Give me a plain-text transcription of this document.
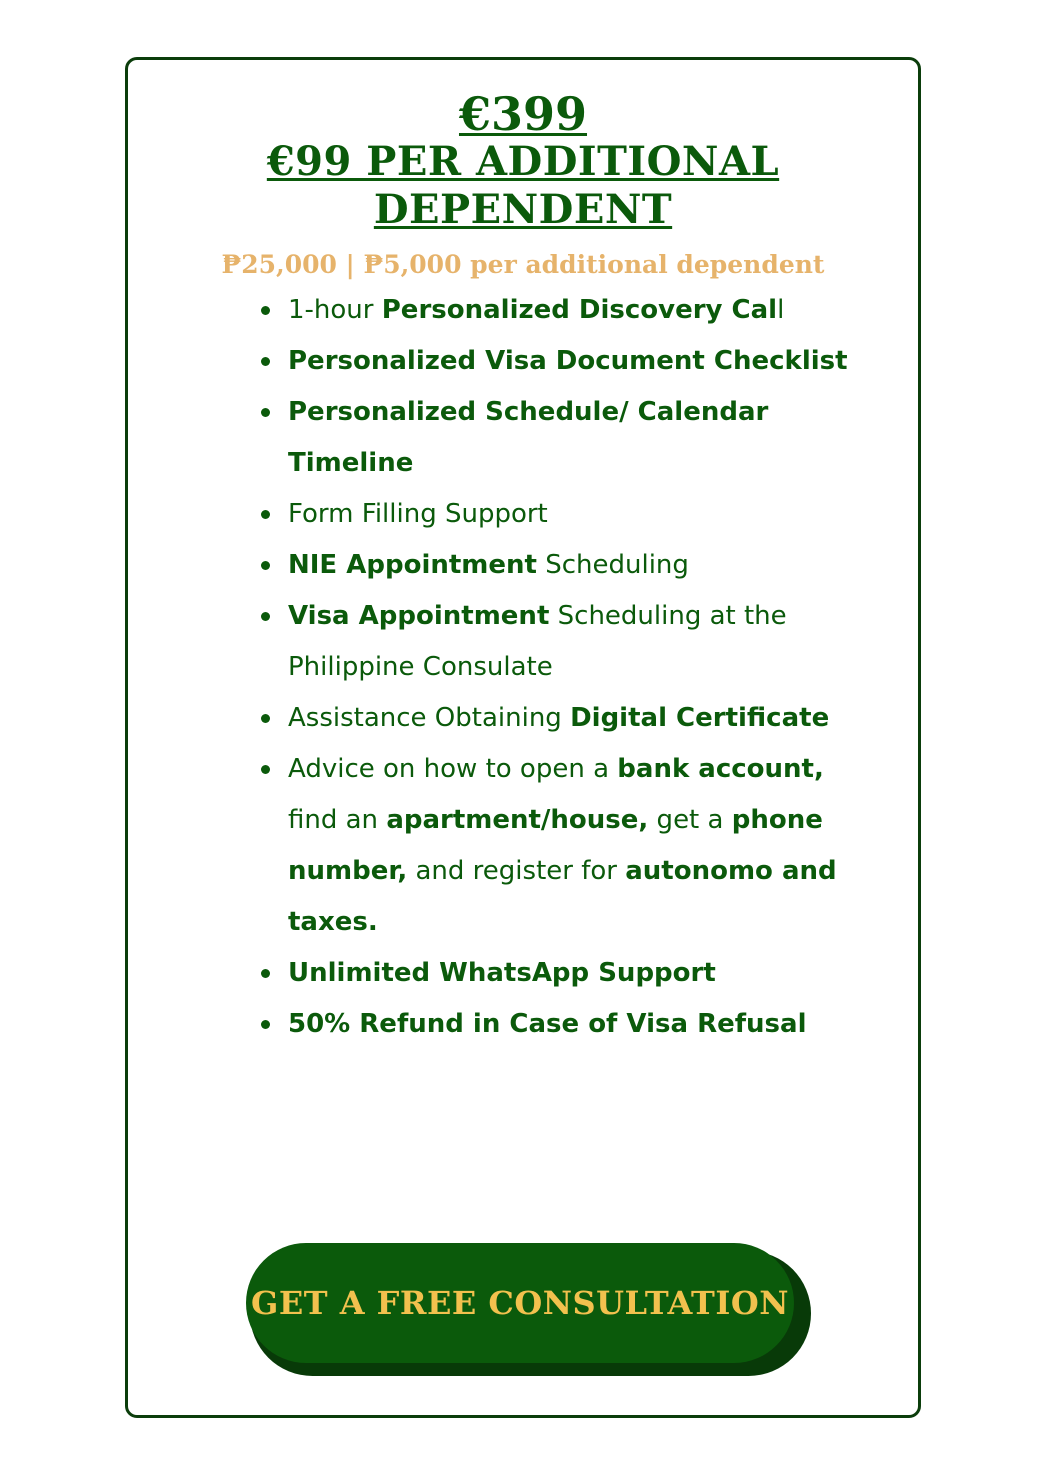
€399
€99 PER ADDITIONAL
DEPENDENT
₱25,000 | ₱5,000 per additional dependent
1-hour Personalized Discovery Call
Personalized Visa Document Checklist
Personalized Schedule/ Calendar Timeline
Form Filling Support
NIE Appointment Scheduling
Visa Appointment Scheduling at the Philippine Consulate
Assistance Obtaining Digital Certificate
Advice on how to open a bank account, find an apartment/house, get a phone number, and register for autonomo and taxes.
Unlimited WhatsApp Support
50% Refund in Case of Visa Refusal
GET A FREE CONSULTATION
